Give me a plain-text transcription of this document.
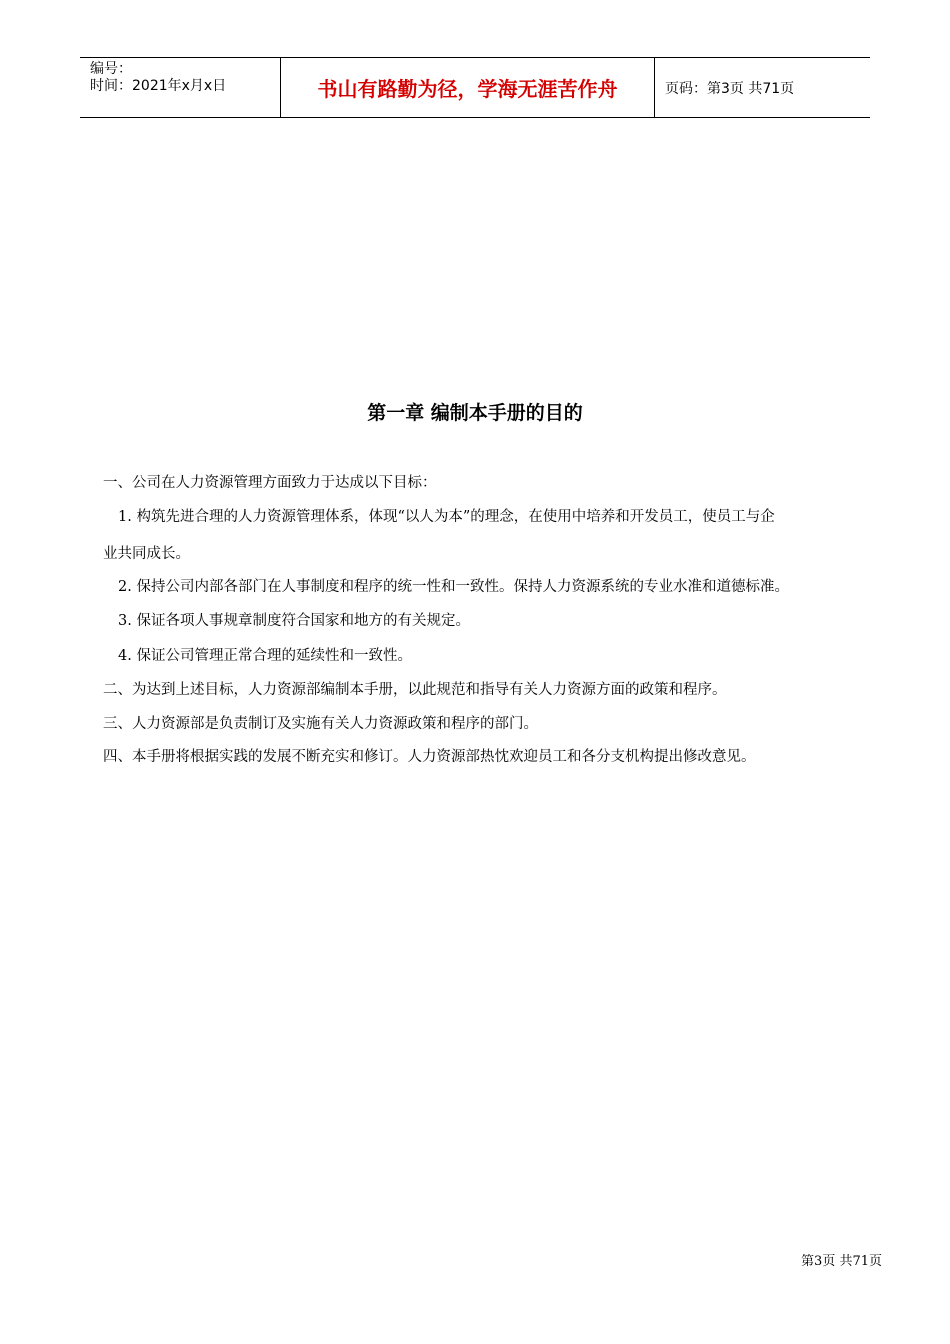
编号：
时间：2021年x月x日	书山有路勤为径，学海无涯苦作舟	页码：第3页 共71页
第一章 编制本手册的目的
一、公司在人力资源管理方面致力于达成以下目标：
1. 构筑先进合理的人力资源管理体系，体现“以人为本”的理念，在使用中培养和开发员工，使员工与企
业共同成长。
2. 保持公司内部各部门在人事制度和程序的统一性和一致性。保持人力资源系统的专业水准和道德标准。
3. 保证各项人事规章制度符合国家和地方的有关规定。
4. 保证公司管理正常合理的延续性和一致性。
二、为达到上述目标，人力资源部编制本手册，以此规范和指导有关人力资源方面的政策和程序。
三、人力资源部是负责制订及实施有关人力资源政策和程序的部门。
四、本手册将根据实践的发展不断充实和修订。人力资源部热忱欢迎员工和各分支机构提出修改意见。
第3页 共71页
